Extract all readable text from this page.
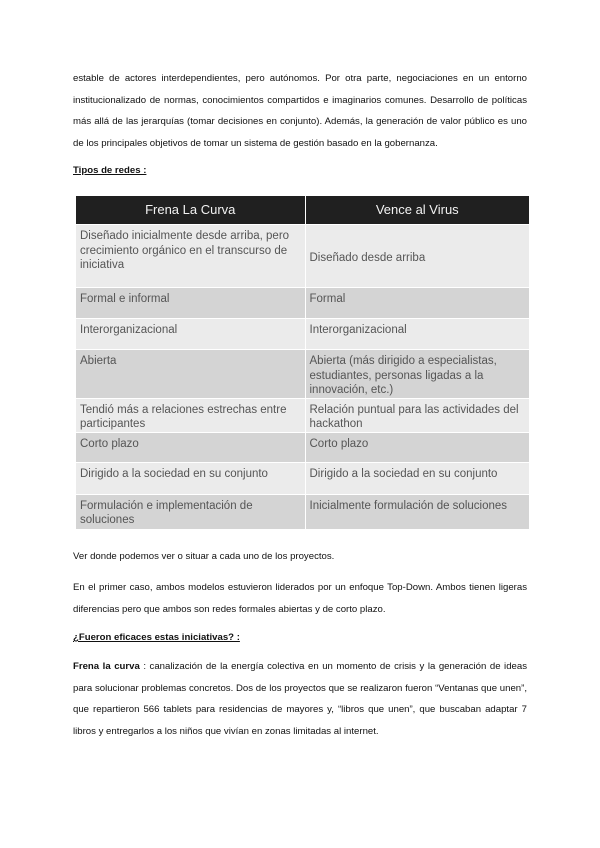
estable de actores interdependientes, pero autónomos. Por otra parte, negociaciones en un entorno institucionalizado de normas, conocimientos compartidos e imaginarios comunes. Desarrollo de políticas más allá de las jerarquías (tomar decisiones en conjunto). Además, la generación de valor público es uno de los principales objetivos de tomar un sistema de gestión basado en la gobernanza.

Tipos de redes :
Frena La Curva	Vence al Virus
Diseñado inicialmente desde arriba, pero crecimiento orgánico en el transcurso de iniciativa	Diseñado desde arriba
Formal e informal	Formal
Interorganizacional	Interorganizacional
Abierta	Abierta (más dirigido a especialistas, estudiantes, personas ligadas a la innovación, etc.)
Tendió más a relaciones estrechas entre participantes	Relación puntual para las actividades del hackathon
Corto plazo	Corto plazo
Dirigido a la sociedad en su conjunto	Dirigido a la sociedad en su conjunto
Formulación e implementación de soluciones	Inicialmente formulación de soluciones

Ver donde podemos ver o situar a cada uno de los proyectos.

En el primer caso, ambos modelos estuvieron liderados por un enfoque Top-Down. Ambos tienen ligeras diferencias pero que ambos son redes formales abiertas y de corto plazo.

¿Fueron eficaces estas iniciativas? :

Frena la curva : canalización de la energía colectiva en un momento de crisis y la generación de ideas para solucionar problemas concretos. Dos de los proyectos que se realizaron fueron “Ventanas que unen”, que repartieron 566 tablets para residencias de mayores y, “libros que unen”, que buscaban adaptar 7 libros y entregarlos a los niños que vivían en zonas limitadas al internet.
